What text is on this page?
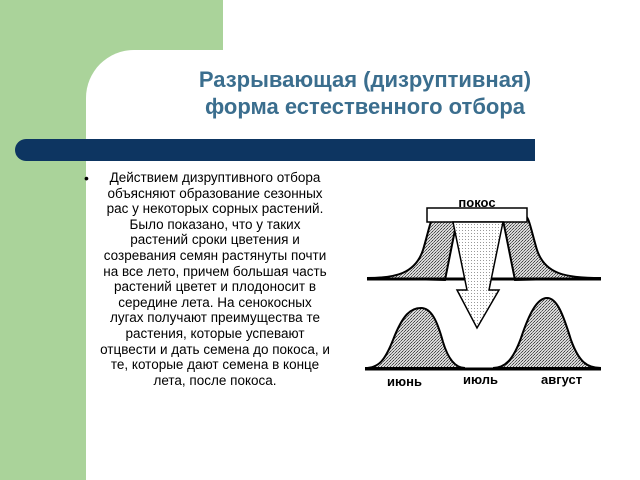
Разрывающая (дизруптивная)
форма естественного отбора
•	Действием дизруптивного отбора объясняют образование сезонных рас у некоторых сорных растений. Было показано, что у таких растений сроки цветения и созревания семян растянуты почти на все лето, причем большая часть растений цветет и плодоносит в середине лета. На сенокосных лугах получают преимущества те растения, которые успевают отцвести и дать семена до покоса, и те, которые дают семена в конце лета, после покоса.
покос
июнь	июль	август
